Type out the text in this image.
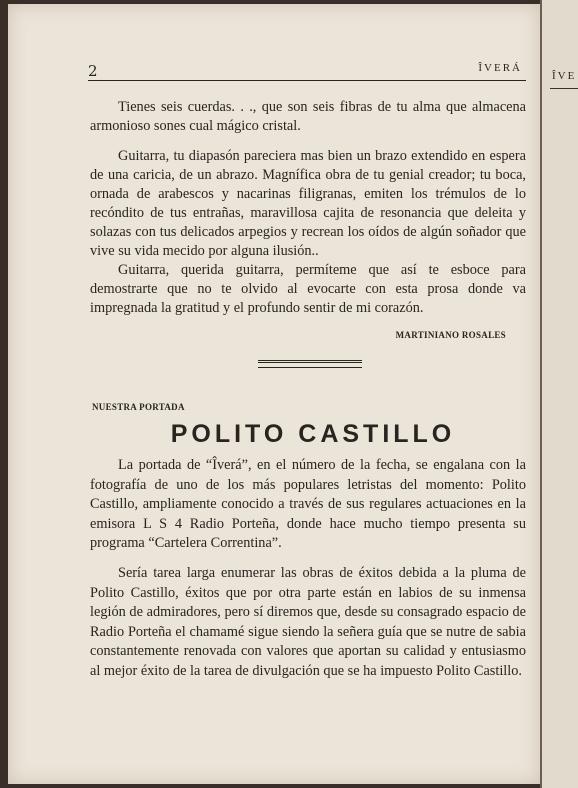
ÎVE
2	ÎVERÁ

Tienes seis cuerdas. . ., que son seis fibras de tu alma que almacena armonioso sones cual mágico cristal.

Guitarra, tu diapasón pareciera mas bien un brazo extendido en espera de una caricia, de un abrazo. Magnífica obra de tu genial creador; tu boca, ornada de arabescos y nacarinas filigranas, emiten los trémulos de lo recóndito de tus entrañas, maravillosa cajita de resonancia que deleita y solazas con tus delicados arpegios y recrean los oídos de algún soñador que vive su vida mecido por alguna ilusión..

Guitarra, querida guitarra, permíteme que así te esboce para demostrarte que no te olvido al evocarte con esta prosa donde va impregnada la gratitud y el profundo sentir de mi corazón.

MARTINIANO ROSALES
NUESTRA PORTADA
POLITO CASTILLO

La portada de “Îverá”, en el número de la fecha, se engalana con la fotografía de uno de los más populares letristas del momento: Polito Castillo, ampliamente conocido a través de sus regulares actuaciones en la emisora L S 4 Radio Porteña, donde hace mucho tiempo presenta su programa “Cartelera Correntina”.

Sería tarea larga enumerar las obras de éxitos debida a la pluma de Polito Castillo, éxitos que por otra parte están en labios de su inmensa legión de admiradores, pero sí diremos que, desde su consagrado espacio de Radio Porteña el chamamé sigue siendo la señera guía que se nutre de sabia constantemente renovada con valores que aportan su calidad y entusiasmo al mejor éxito de la tarea de divulgación que se ha impuesto Polito Castillo.
